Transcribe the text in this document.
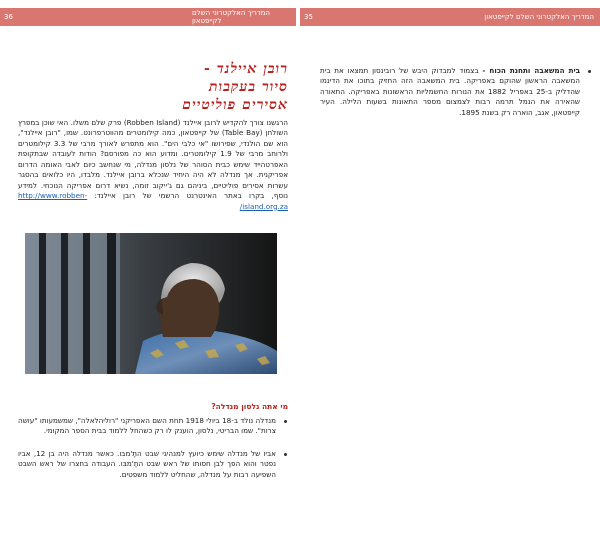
36	המדריך האלקטרוני השלם לקייפטאון	35	המדריך האלקטרוני השלם לקייפטאון
רובן איילנד -
סיור בעקבות
אסירים פוליטיים
הרגשנו צורך להקדיש לרובן איילנד (Robben Island) פרק שלם משלו. האי שוכן במפרץ השולחן (Table Bay) של קייפטאון, כמה קילומטרים מהווטרפרונט. שמו, "רובן איילנד", הוא שם הולנדי, שפירושו "אי כלבי הים". הוא מתפרש לאורך מרבי של 3.3 קילומטרים ולרוחב מרבי של 1.9 קילומטרים. ומדוע הוא כה מפורסם? הודות לעובדה שבתקופת האפרטהייד שימש כבית הסוהר של נלסון מנדלה, מי שנחשב כיום לאבי האומה הדרום אפריקנית. אך מנדלה לא היה היחיד שנכלא ברובן איילנד. מלבדו, היו כלואים בהסגר עשרות אסירים פוליטיים, ביניהם גם ג'ייקוב זומה, נשיא דרום אפריקה הנוכחי. למידע נוסף, בקרו באתר האינטרנט הרשמי של רובן איילנד: http://www.robben-island.org.za/
מי אתה נלסון מנדלה?
מנדלה נולד ב-18 ביולי 1918 תחת השם האפריקני "רוליהלאלה", שמשמעותו "עושה צרות". שמו הבריטי, נלסון, הוענק לו רק כשהחל ללמוד בבית הספר המקומי.
אביו של מנדלה שימש כיועץ למנהיגי שבט התֶ'מבּו. כאשר מנדלה היה בן 12, אביו נפטר והוא הפך לבן חסותו של ראש שבט התֶ'מבּו. העבודה בחצרו של ראש השבט השפיעה רבות על מנדלה, שהחליט ללמוד משפטים.
בית המשאבה ותחנת הכוח - בצמוד למבדוק היבש של רובינסון תמצאו את בית המשאבה הראשון שהוקם באפריקה. בית המשאבה הזה החזיק בתוכו את הדינמו שהדליק ב-25 באפריל 1882 את הנורות החשמליות הראשונות באפריקה. התאורה שהאירה את הנמל תרמה רבות לצמצום מספר התאונות בשעות הלילה. העיר קייפטאון, אגב, הוארה רק בשנת 1895.
